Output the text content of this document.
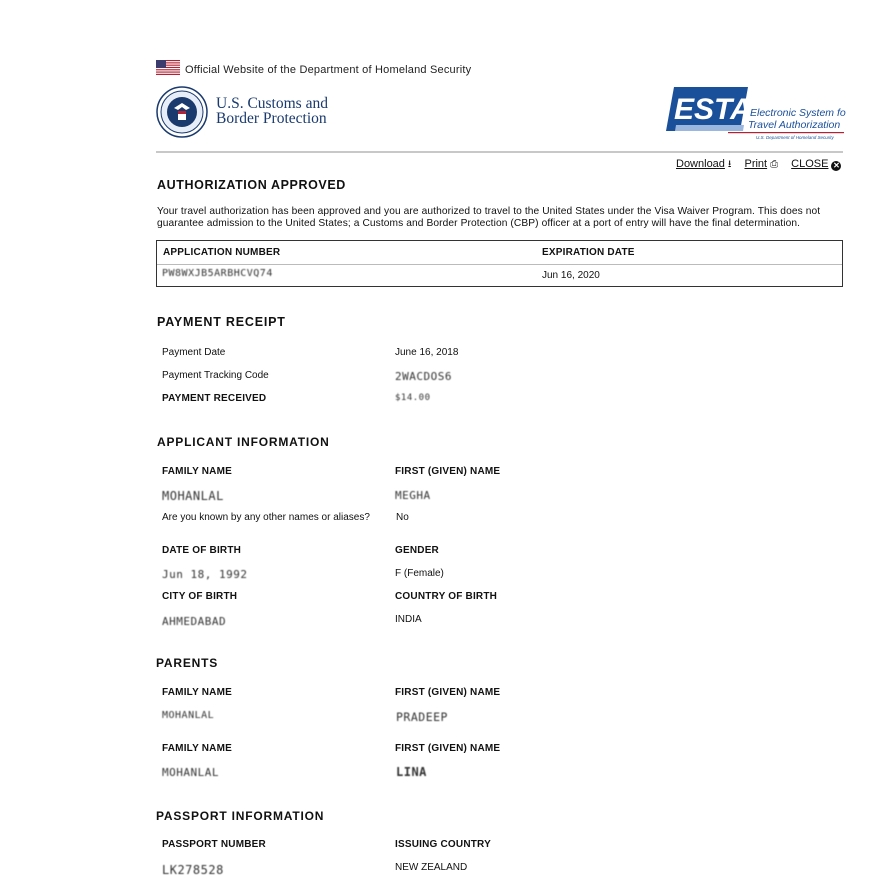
Official Website of the Department of Homeland Security
U.S. Customs and
Border Protection	ESTA
Electronic System for
Travel Authorization
U.S. Department of Homeland Security
Download ⭳ Print ⎙ CLOSE ✕
AUTHORIZATION APPROVED
Your travel authorization has been approved and you are authorized to travel to the United States under the Visa Waiver Program. This does not guarantee admission to the United States; a Customs and Border Protection (CBP) officer at a port of entry will have the final determination.
APPLICATION NUMBER	EXPIRATION DATE
PW8WXJB5ARBHCVQ74	Jun 16, 2020
PAYMENT RECEIPT
Payment Date	June 16, 2018
Payment Tracking Code	2WACDOS6
PAYMENT RECEIVED	$14.00
APPLICANT INFORMATION
FAMILY NAME	FIRST (GIVEN) NAME
MOHANLAL	MEGHA
Are you known by any other names or aliases?	No
DATE OF BIRTH	GENDER
Jun 18, 1992	F (Female)
CITY OF BIRTH	COUNTRY OF BIRTH
AHMEDABAD	INDIA
PARENTS
FAMILY NAME	FIRST (GIVEN) NAME
MOHANLAL	PRADEEP
FAMILY NAME	FIRST (GIVEN) NAME
MOHANLAL	LINA
PASSPORT INFORMATION
PASSPORT NUMBER	ISSUING COUNTRY
LK278528	NEW ZEALAND
